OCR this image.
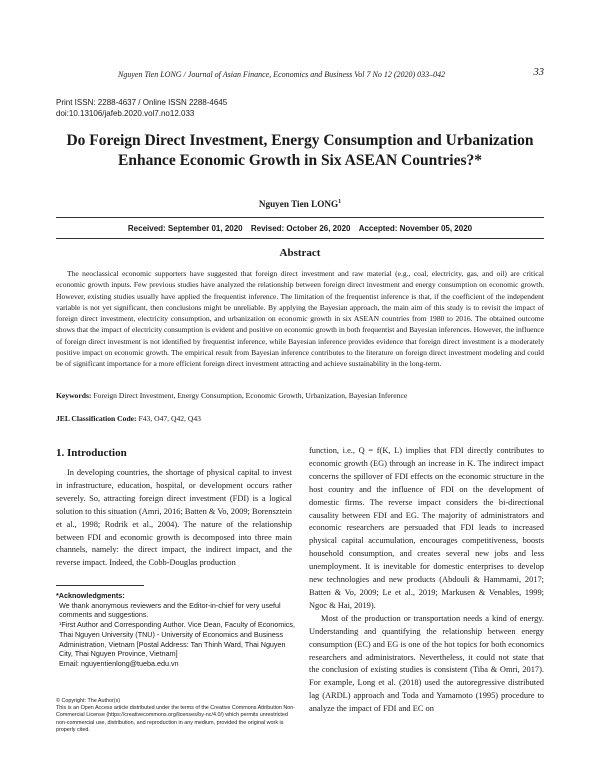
Nguyen Tien LONG / Journal of Asian Finance, Economics and Business Vol 7 No 12 (2020) 033–042	33
Print ISSN: 2288-4637 / Online ISSN 2288-4645
doi:10.13106/jafeb.2020.vol7.no12.033
Do Foreign Direct Investment, Energy Consumption and Urbanization
Enhance Economic Growth in Six ASEAN Countries?*
Nguyen Tien LONG$^1$
Received: September 01, 2020 Revised: October 26, 2020 Accepted: November 05, 2020
Abstract
The neoclassical economic supporters have suggested that foreign direct investment and raw material (e.g., coal, electricity, gas, and oil) are critical economic growth inputs. Few previous studies have analyzed the relationship between foreign direct investment and energy consumption on economic growth. However, existing studies usually have applied the frequentist inference. The limitation of the frequentist inference is that, if the coefficient of the independent variable is not yet significant, then conclusions might be unreliable. By applying the Bayesian approach, the main aim of this study is to revisit the impact of foreign direct investment, electricity consumption, and urbanization on economic growth in six ASEAN countries from 1980 to 2016. The obtained outcome shows that the impact of electricity consumption is evident and positive on economic growth in both frequentist and Bayesian inferences. However, the influence of foreign direct investment is not identified by frequentist inference, while Bayesian inference provides evidence that foreign direct investment is a moderately positive impact on economic growth. The empirical result from Bayesian inference contributes to the literature on foreign direct investment modeling and could be of significant importance for a more efficient foreign direct investment attracting and achieve sustainability in the long-term.
Keywords: Foreign Direct Investment, Energy Consumption, Economic Growth, Urbanization, Bayesian Inference
JEL Classification Code: F43, O47, Q42, Q43
1. Introduction
In developing countries, the shortage of physical capital to invest in infrastructure, education, hospital, or development occurs rather severely. So, attracting foreign direct investment (FDI) is a logical solution to this situation (Amri, 2016; Batten & Vo, 2009; Borensztein et al., 1998; Rodrik et al., 2004). The nature of the relationship between FDI and economic growth is decomposed into three main channels, namely: the direct impact, the indirect impact, and the reverse impact. Indeed, the Cobb-Douglas production

function, i.e., Q = f(K, L) implies that FDI directly contributes to economic growth (EG) through an increase in K. The indirect impact concerns the spillover of FDI effects on the economic structure in the host country and the influence of FDI on the development of domestic firms. The reverse impact considers the bi-directional causality between FDI and EG. The majority of administrators and economic researchers are persuaded that FDI leads to increased physical capital accumulation, encourages competitiveness, boosts household consumption, and creates several new jobs and less unemployment. It is inevitable for domestic enterprises to develop new technologies and new products (Abdouli & Hammami, 2017; Batten & Vo, 2009; Le et al., 2019; Markusen & Venables, 1999; Ngoc & Hai, 2019).

Most of the production or transportation needs a kind of energy. Understanding and quantifying the relationship between energy consumption (EC) and EG is one of the hot topics for both economics researchers and administrators. Nevertheless, it could not state that the conclusion of existing studies is consistent (Tiba & Omri, 2017). For example, Long et al. (2018) used the autoregressive distributed lag (ARDL) approach and Toda and Yamamoto (1995) procedure to analyze the impact of FDI and EC on

*Acknowledgments:
We thank anonymous reviewers and the Editor-in-chief for very useful comments and suggestions.
¹First Author and Corresponding Author. Vice Dean, Faculty of Economics, Thai Nguyen University (TNU) - University of Economics and Business Administration, Vietnam [Postal Address: Tan Thinh Ward, Thai Nguyen City, Thai Nguyen Province, Vietnam]
Email: nguyentienlong@tueba.edu.vn
© Copyright: The Author(s)
This is an Open Access article distributed under the terms of the Creative Commons Attribution Non-Commercial License (https://creativecommons.org/licenses/by-nc/4.0/) which permits unrestricted non-commercial use, distribution, and reproduction in any medium, provided the original work is properly cited.
